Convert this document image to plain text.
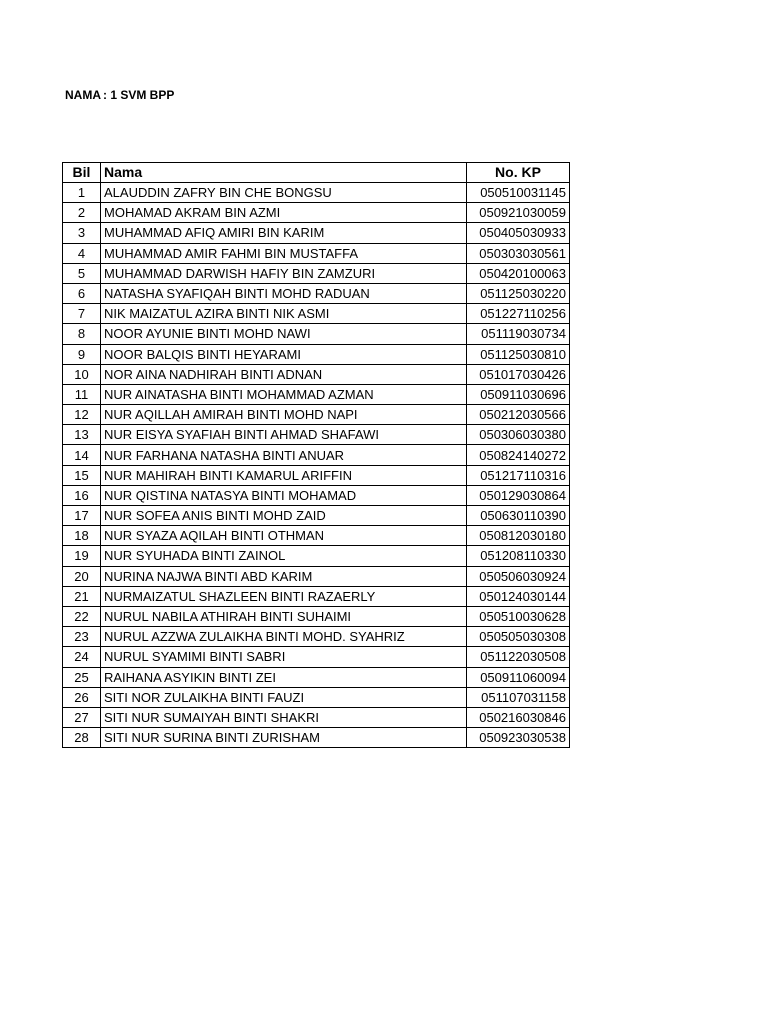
NAMA : 1 SVM BPP
Bil	Nama	No. KP
1	ALAUDDIN ZAFRY BIN CHE BONGSU	050510031145
2	MOHAMAD AKRAM BIN AZMI	050921030059
3	MUHAMMAD AFIQ AMIRI BIN KARIM	050405030933
4	MUHAMMAD AMIR FAHMI BIN MUSTAFFA	050303030561
5	MUHAMMAD DARWISH HAFIY BIN ZAMZURI	050420100063
6	NATASHA SYAFIQAH BINTI MOHD RADUAN	051125030220
7	NIK MAIZATUL AZIRA BINTI NIK ASMI	051227110256
8	NOOR AYUNIE BINTI MOHD NAWI	051119030734
9	NOOR BALQIS BINTI HEYARAMI	051125030810
10	NOR AINA NADHIRAH BINTI ADNAN	051017030426
11	NUR AINATASHA BINTI MOHAMMAD AZMAN	050911030696
12	NUR AQILLAH AMIRAH BINTI MOHD NAPI	050212030566
13	NUR EISYA SYAFIAH BINTI AHMAD SHAFAWI	050306030380
14	NUR FARHANA NATASHA BINTI ANUAR	050824140272
15	NUR MAHIRAH BINTI KAMARUL ARIFFIN	051217110316
16	NUR QISTINA NATASYA BINTI MOHAMAD	050129030864
17	NUR SOFEA ANIS BINTI MOHD ZAID	050630110390
18	NUR SYAZA AQILAH BINTI OTHMAN	050812030180
19	NUR SYUHADA BINTI ZAINOL	051208110330
20	NURINA NAJWA BINTI ABD KARIM	050506030924
21	NURMAIZATUL SHAZLEEN BINTI RAZAERLY	050124030144
22	NURUL NABILA ATHIRAH BINTI SUHAIMI	050510030628
23	NURUL AZZWA ZULAIKHA BINTI MOHD. SYAHRIZ	050505030308
24	NURUL SYAMIMI BINTI SABRI	051122030508
25	RAIHANA ASYIKIN BINTI ZEI	050911060094
26	SITI NOR ZULAIKHA BINTI FAUZI	051107031158
27	SITI NUR SUMAIYAH BINTI SHAKRI	050216030846
28	SITI NUR SURINA BINTI ZURISHAM	050923030538
